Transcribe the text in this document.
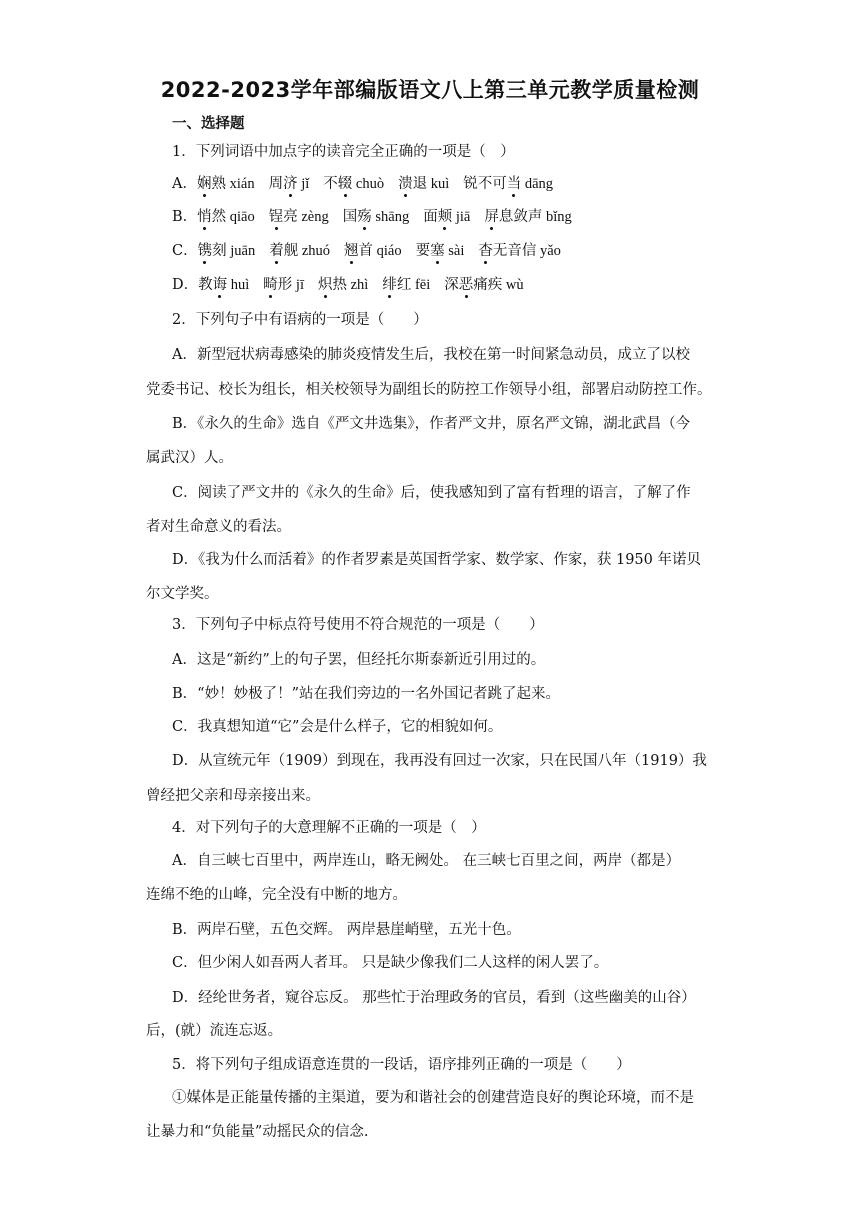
2022-2023学年部编版语文八上第三单元教学质量检测
一、选择题
1．下列词语中加点字的读音完全正确的一项是（　）
A．娴熟 xián 周济 jǐ 不辍 chuò 溃退 kuì 锐不可当 dāng
B．悄然 qiāo 锃亮 zèng 国殇 shāng 面颊 jiā 屏息敛声 bǐng
C．镌刻 juān 着舰 zhuó 翘首 qiáo 要塞 sài 杳无音信 yǎo
D．教诲 huì 畸形 jī 炽热 zhì 绯红 fēi 深恶痛疾 wù
2．下列句子中有语病的一项是（　　）
A．新型冠状病毒感染的肺炎疫情发生后，我校在第一时间紧急动员，成立了以校
党委书记、校长为组长，相关校领导为副组长的防控工作领导小组，部署启动防控工作。
B．《永久的生命》选自《严文井选集》，作者严文井，原名严文锦，湖北武昌（今
属武汉）人。
C．阅读了严文井的《永久的生命》后，使我感知到了富有哲理的语言，了解了作
者对生命意义的看法。
D．《我为什么而活着》的作者罗素是英国哲学家、数学家、作家，获 1950 年诺贝
尔文学奖。
3．下列句子中标点符号使用不符合规范的一项是（　　）
A．这是“新约”上的句子罢，但经托尔斯泰新近引用过的。
B．“妙！妙极了！”站在我们旁边的一名外国记者跳了起来。
C．我真想知道“它”会是什么样子，它的相貌如何。
D．从宣统元年（1909）到现在，我再没有回过一次家，只在民国八年（1919）我
曾经把父亲和母亲接出来。
4．对下列句子的大意理解不正确的一项是（　）
A．自三峡七百里中，两岸连山，略无阙处。 在三峡七百里之间，两岸（都是）
连绵不绝的山峰，完全没有中断的地方。
B．两岸石壁，五色交辉。 两岸悬崖峭壁，五光十色。
C．但少闲人如吾两人者耳。 只是缺少像我们二人这样的闲人罢了。
D．经纶世务者，窥谷忘反。 那些忙于治理政务的官员，看到（这些幽美的山谷）
后，(就）流连忘返。
5．将下列句子组成语意连贯的一段话，语序排列正确的一项是（　　）
①媒体是正能量传播的主渠道，要为和谐社会的创建营造良好的舆论环境，而不是
让暴力和“负能量”动摇民众的信念.
